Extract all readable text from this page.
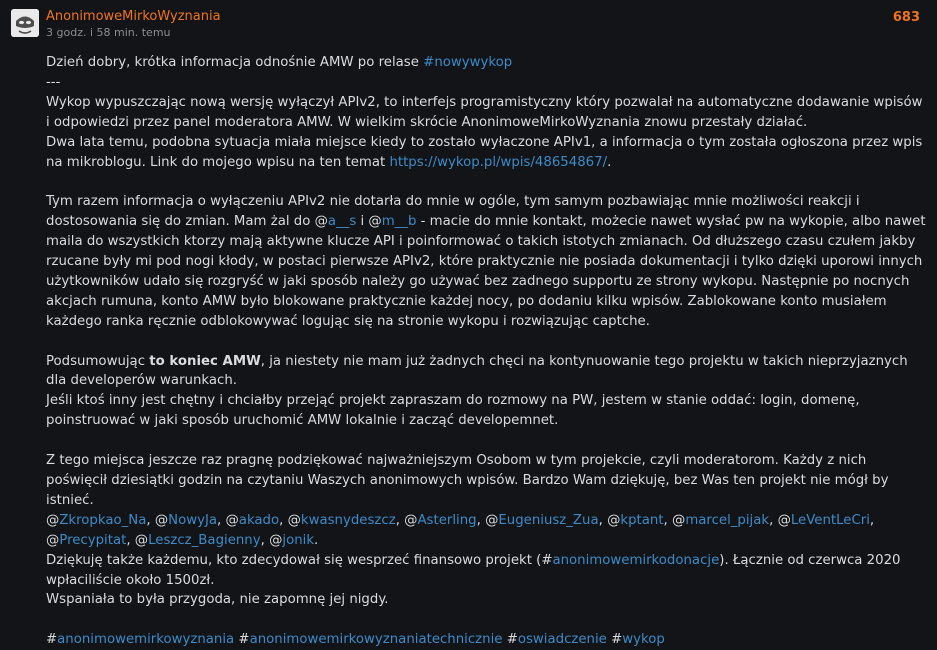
AnonimoweMirkoWyznania
3 godz. i 58 min. temu
683

Dzień dobry, krótka informacja odnośnie AMW po relase #nowywykop
---
Wykop wypuszczając nową wersję wyłączył APIv2, to interfejs programistyczny który pozwalał na automatyczne dodawanie wpisów i odpowiedzi przez panel moderatora AMW. W wielkim skrócie AnonimoweMirkoWyznania znowu przestały działać.
Dwa lata temu, podobna sytuacja miała miejsce kiedy to zostało wyłaczone APIv1, a informacja o tym została ogłoszona przez wpis na mikroblogu. Link do mojego wpisu na ten temat https://wykop.pl/wpis/48654867/.

Tym razem informacja o wyłączeniu APIv2 nie dotarła do mnie w ogóle, tym samym pozbawiając mnie możliwości reakcji i dostosowania się do zmian. Mam żal do @a__s i @m__b - macie do mnie kontakt, możecie nawet wysłać pw na wykopie, albo nawet maila do wszystkich ktorzy mają aktywne klucze API i poinformować o takich istotych zmianach. Od dłuższego czasu czułem jakby rzucane były mi pod nogi kłody, w postaci pierwsze APIv2, które praktycznie nie posiada dokumentacji i tylko dzięki uporowi innych użytkowników udało się rozgryść w jaki sposób należy go używać bez zadnego supportu ze strony wykopu. Następnie po nocnych akcjach rumuna, konto AMW było blokowane praktycznie każdej nocy, po dodaniu kilku wpisów. Zablokowane konto musiałem każdego ranka ręcznie odblokowywać logując się na stronie wykopu i rozwiązując captche.

Podsumowując to koniec AMW, ja niestety nie mam już żadnych chęci na kontynuowanie tego projektu w takich nieprzyjaznych dla developerów warunkach.
Jeśli ktoś inny jest chętny i chciałby przejąć projekt zapraszam do rozmowy na PW, jestem w stanie oddać: login, domenę, poinstruować w jaki sposób uruchomić AMW lokalnie i zacząć developemnet.

Z tego miejsca jeszcze raz pragnę podziękować najważniejszym Osobom w tym projekcie, czyli moderatorom. Każdy z nich poświęcił dziesiątki godzin na czytaniu Waszych anonimowych wpisów. Bardzo Wam dziękuję, bez Was ten projekt nie mógł by istnieć.
@Zkropkao_Na, @NowyJa, @akado, @kwasnydeszcz, @Asterling, @Eugeniusz_Zua, @kptant, @marcel_pijak, @LeVentLeCri,
@Precypitat, @Leszcz_Bagienny, @jonik.
Dziękuję także każdemu, kto zdecydował się wesprzeć finansowo projekt (#anonimowemirkodonacje). Łącznie od czerwca 2020 wpłaciliście około 1500zł.
Wspaniała to była przygoda, nie zapomnę jej nigdy.

#anonimowemirkowyznania #anonimowemirkowyznaniatechnicznie #oswiadczenie #wykop
